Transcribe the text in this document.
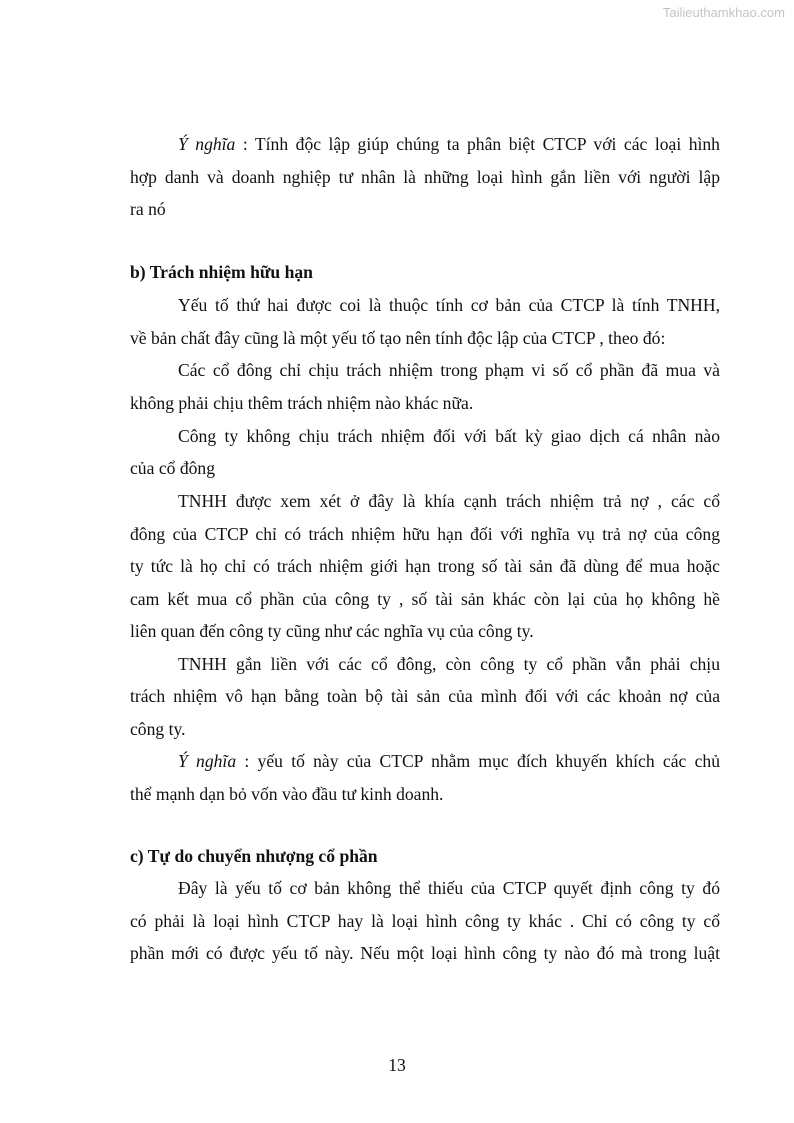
Tailieuthamkhao.com
Ý nghĩa : Tính độc lập giúp chúng ta phân biệt CTCP với các loại hình
hợp danh và doanh nghiệp tư nhân là những loại hình gắn liền với người lập
ra nó
b) Trách nhiệm hữu hạn
Yếu tố thứ hai được coi là thuộc tính cơ bản của CTCP là tính TNHH,
về bản chất đây cũng là một yếu tố tạo nên tính độc lập của CTCP , theo đó:
Các cổ đông chỉ chịu trách nhiệm trong phạm vi số cổ phần đã mua và
không phải chịu thêm trách nhiệm nào khác nữa.
Công ty không chịu trách nhiệm đối với bất kỳ giao dịch cá nhân nào
của cổ đông
TNHH được xem xét ở đây là khía cạnh trách nhiệm trả nợ , các cổ
đông của CTCP chỉ có trách nhiệm hữu hạn đối với nghĩa vụ trả nợ của công
ty tức là họ chỉ có trách nhiệm giới hạn trong số tài sản đã dùng để mua hoặc
cam kết mua cổ phần của công ty , số tài sản khác còn lại của họ không hề
liên quan đến công ty cũng như các nghĩa vụ của công ty.
TNHH gắn liền với các cổ đông, còn công ty cổ phần vẫn phải chịu
trách nhiệm vô hạn bằng toàn bộ tài sản của mình đối với các khoản nợ của
công ty.
Ý nghĩa : yếu tố này của CTCP nhằm mục đích khuyến khích các chủ
thể mạnh dạn bỏ vốn vào đầu tư kinh doanh.
c) Tự do chuyển nhượng cổ phần
Đây là yếu tố cơ bản không thể thiếu của CTCP quyết định công ty đó
có phải là loại hình CTCP hay là loại hình công ty khác . Chỉ có công ty cổ
phần mới có được yếu tố này. Nếu một loại hình công ty nào đó mà trong luật
13
